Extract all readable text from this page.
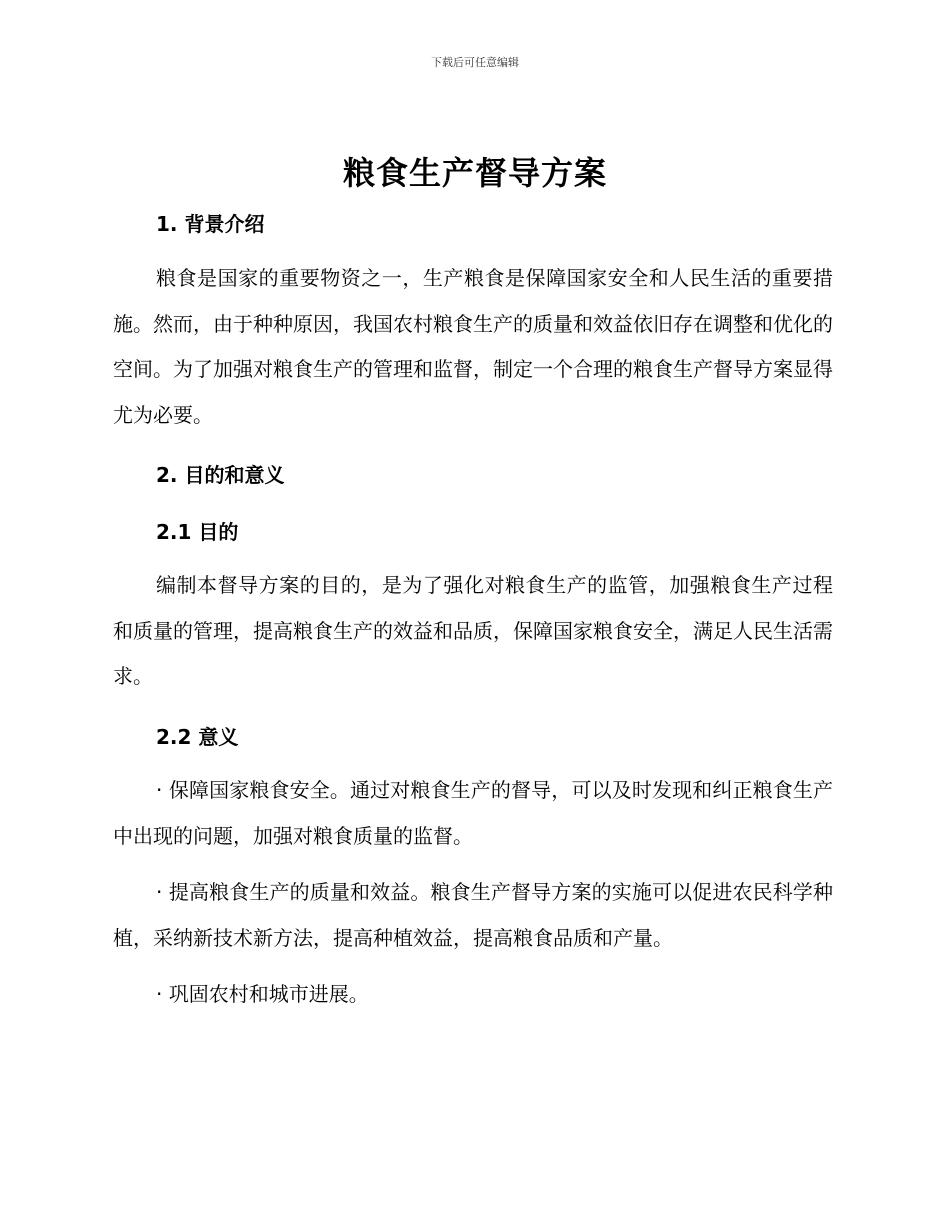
下载后可任意编辑
粮食生产督导方案
1. 背景介绍

粮食是国家的重要物资之一，生产粮食是保障国家安全和人民生活的重要措施。然而，由于种种原因，我国农村粮食生产的质量和效益依旧存在调整和优化的空间。为了加强对粮食生产的管理和监督，制定一个合理的粮食生产督导方案显得尤为必要。

2. 目的和意义
2.1 目的

编制本督导方案的目的，是为了强化对粮食生产的监管，加强粮食生产过程和质量的管理，提高粮食生产的效益和品质，保障国家粮食安全，满足人民生活需求。

2.2 意义

· 保障国家粮食安全。通过对粮食生产的督导，可以及时发现和纠正粮食生产中出现的问题，加强对粮食质量的监督。

· 提高粮食生产的质量和效益。粮食生产督导方案的实施可以促进农民科学种植，采纳新技术新方法，提高种植效益，提高粮食品质和产量。

· 巩固农村和城市进展。
